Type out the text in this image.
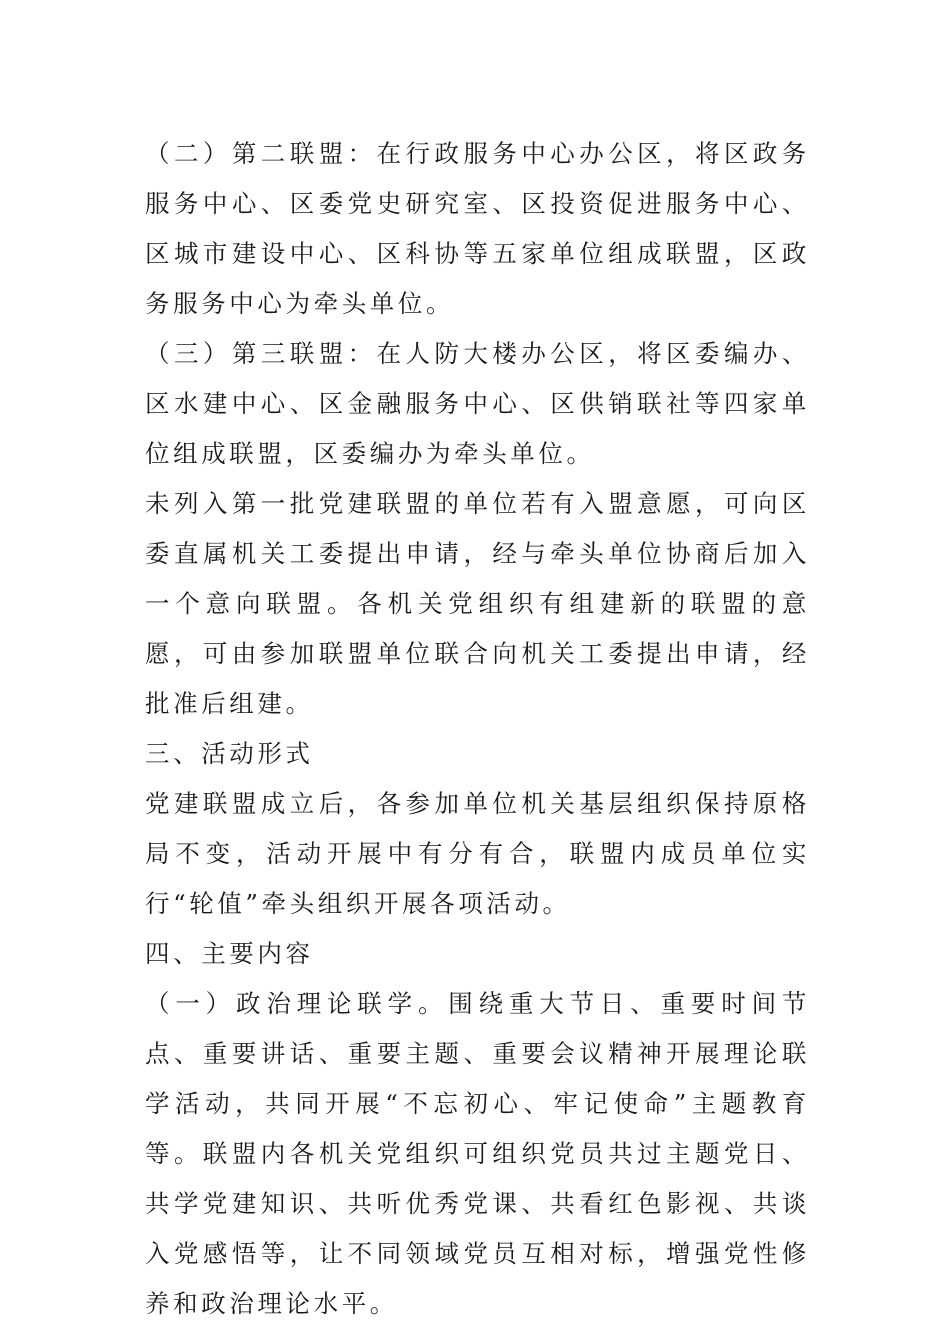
（二）第二联盟：在行政服务中心办公区，将区政务服务中心、区委党史研究室、区投资促进服务中心、区城市建设中心、区科协等五家单位组成联盟，区政务服务中心为牵头单位。

（三）第三联盟：在人防大楼办公区，将区委编办、区水建中心、区金融服务中心、区供销联社等四家单位组成联盟，区委编办为牵头单位。

未列入第一批党建联盟的单位若有入盟意愿，可向区委直属机关工委提出申请，经与牵头单位协商后加入一个意向联盟。各机关党组织有组建新的联盟的意愿，可由参加联盟单位联合向机关工委提出申请，经批准后组建。

三、活动形式

党建联盟成立后，各参加单位机关基层组织保持原格局不变，活动开展中有分有合，联盟内成员单位实行“轮值”牵头组织开展各项活动。

四、主要内容

（一）政治理论联学。围绕重大节日、重要时间节点、重要讲话、重要主题、重要会议精神开展理论联学活动，共同开展“不忘初心、牢记使命”主题教育等。联盟内各机关党组织可组织党员共过主题党日、共学党建知识、共听优秀党课、共看红色影视、共谈入党感悟等，让不同领域党员互相对标，增强党性修养和政治理论水平。
